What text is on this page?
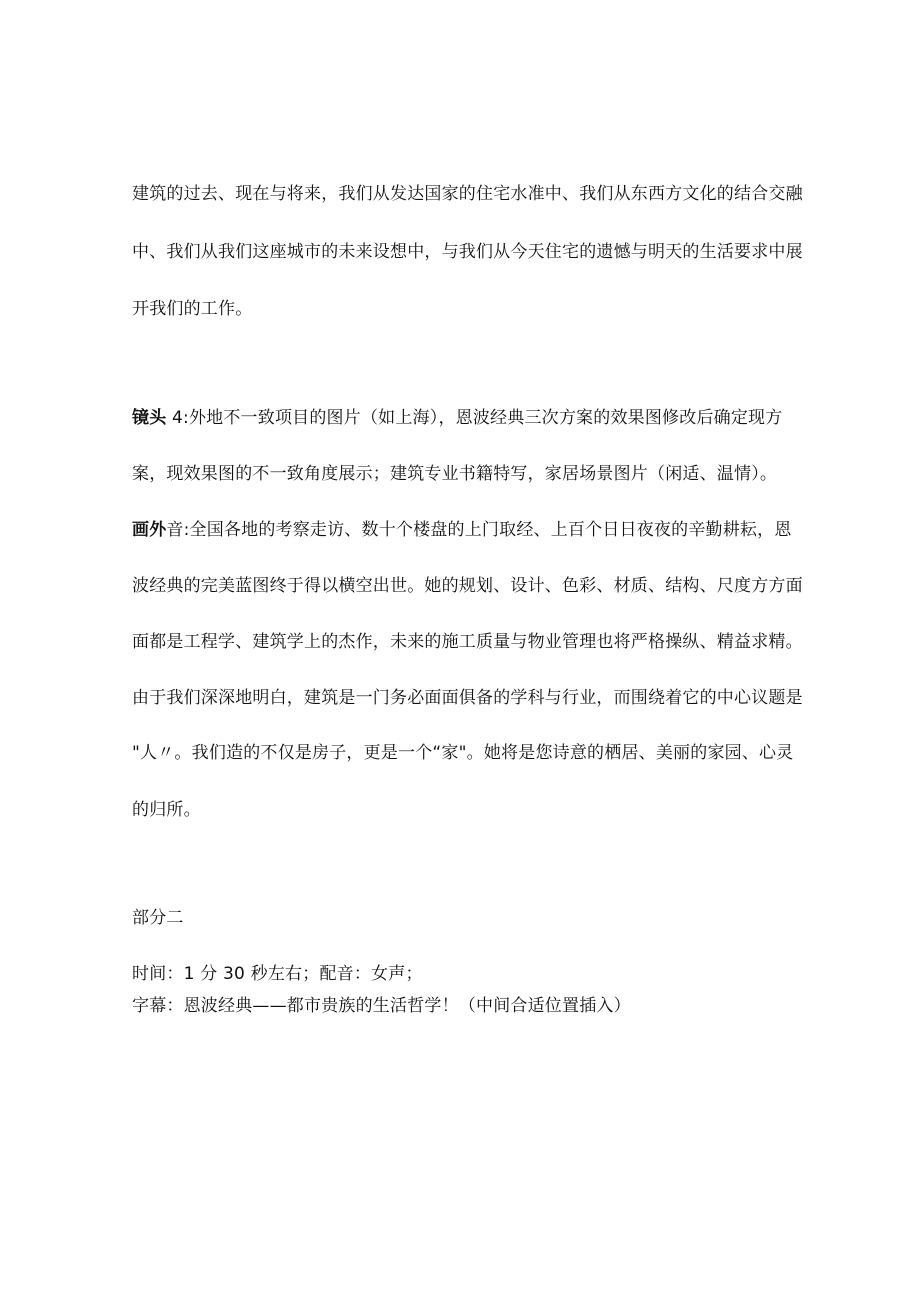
建筑的过去、现在与将来，我们从发达国家的住宅水准中、我们从东西方文化的结合交融
中、我们从我们这座城市的未来设想中，与我们从今天住宅的遗憾与明天的生活要求中展
开我们的工作。
镜头 4:外地不一致项目的图片（如上海），恩波经典三次方案的效果图修改后确定现方
案，现效果图的不一致角度展示；建筑专业书籍特写，家居场景图片（闲适、温情）。
画外音:全国各地的考察走访、数十个楼盘的上门取经、上百个日日夜夜的辛勤耕耘，恩
波经典的完美蓝图终于得以横空出世。她的规划、设计、色彩、材质、结构、尺度方方面
面都是工程学、建筑学上的杰作，未来的施工质量与物业管理也将严格操纵、精益求精。
由于我们深深地明白，建筑是一门务必面面俱备的学科与行业，而围绕着它的中心议题是
"人〃。我们造的不仅是房子，更是一个“家"。她将是您诗意的栖居、美丽的家园、心灵
的归所。
部分二
时间：1 分 30 秒左右；配音：女声；
字幕：恩波经典——都市贵族的生活哲学！（中间合适位置插入）
